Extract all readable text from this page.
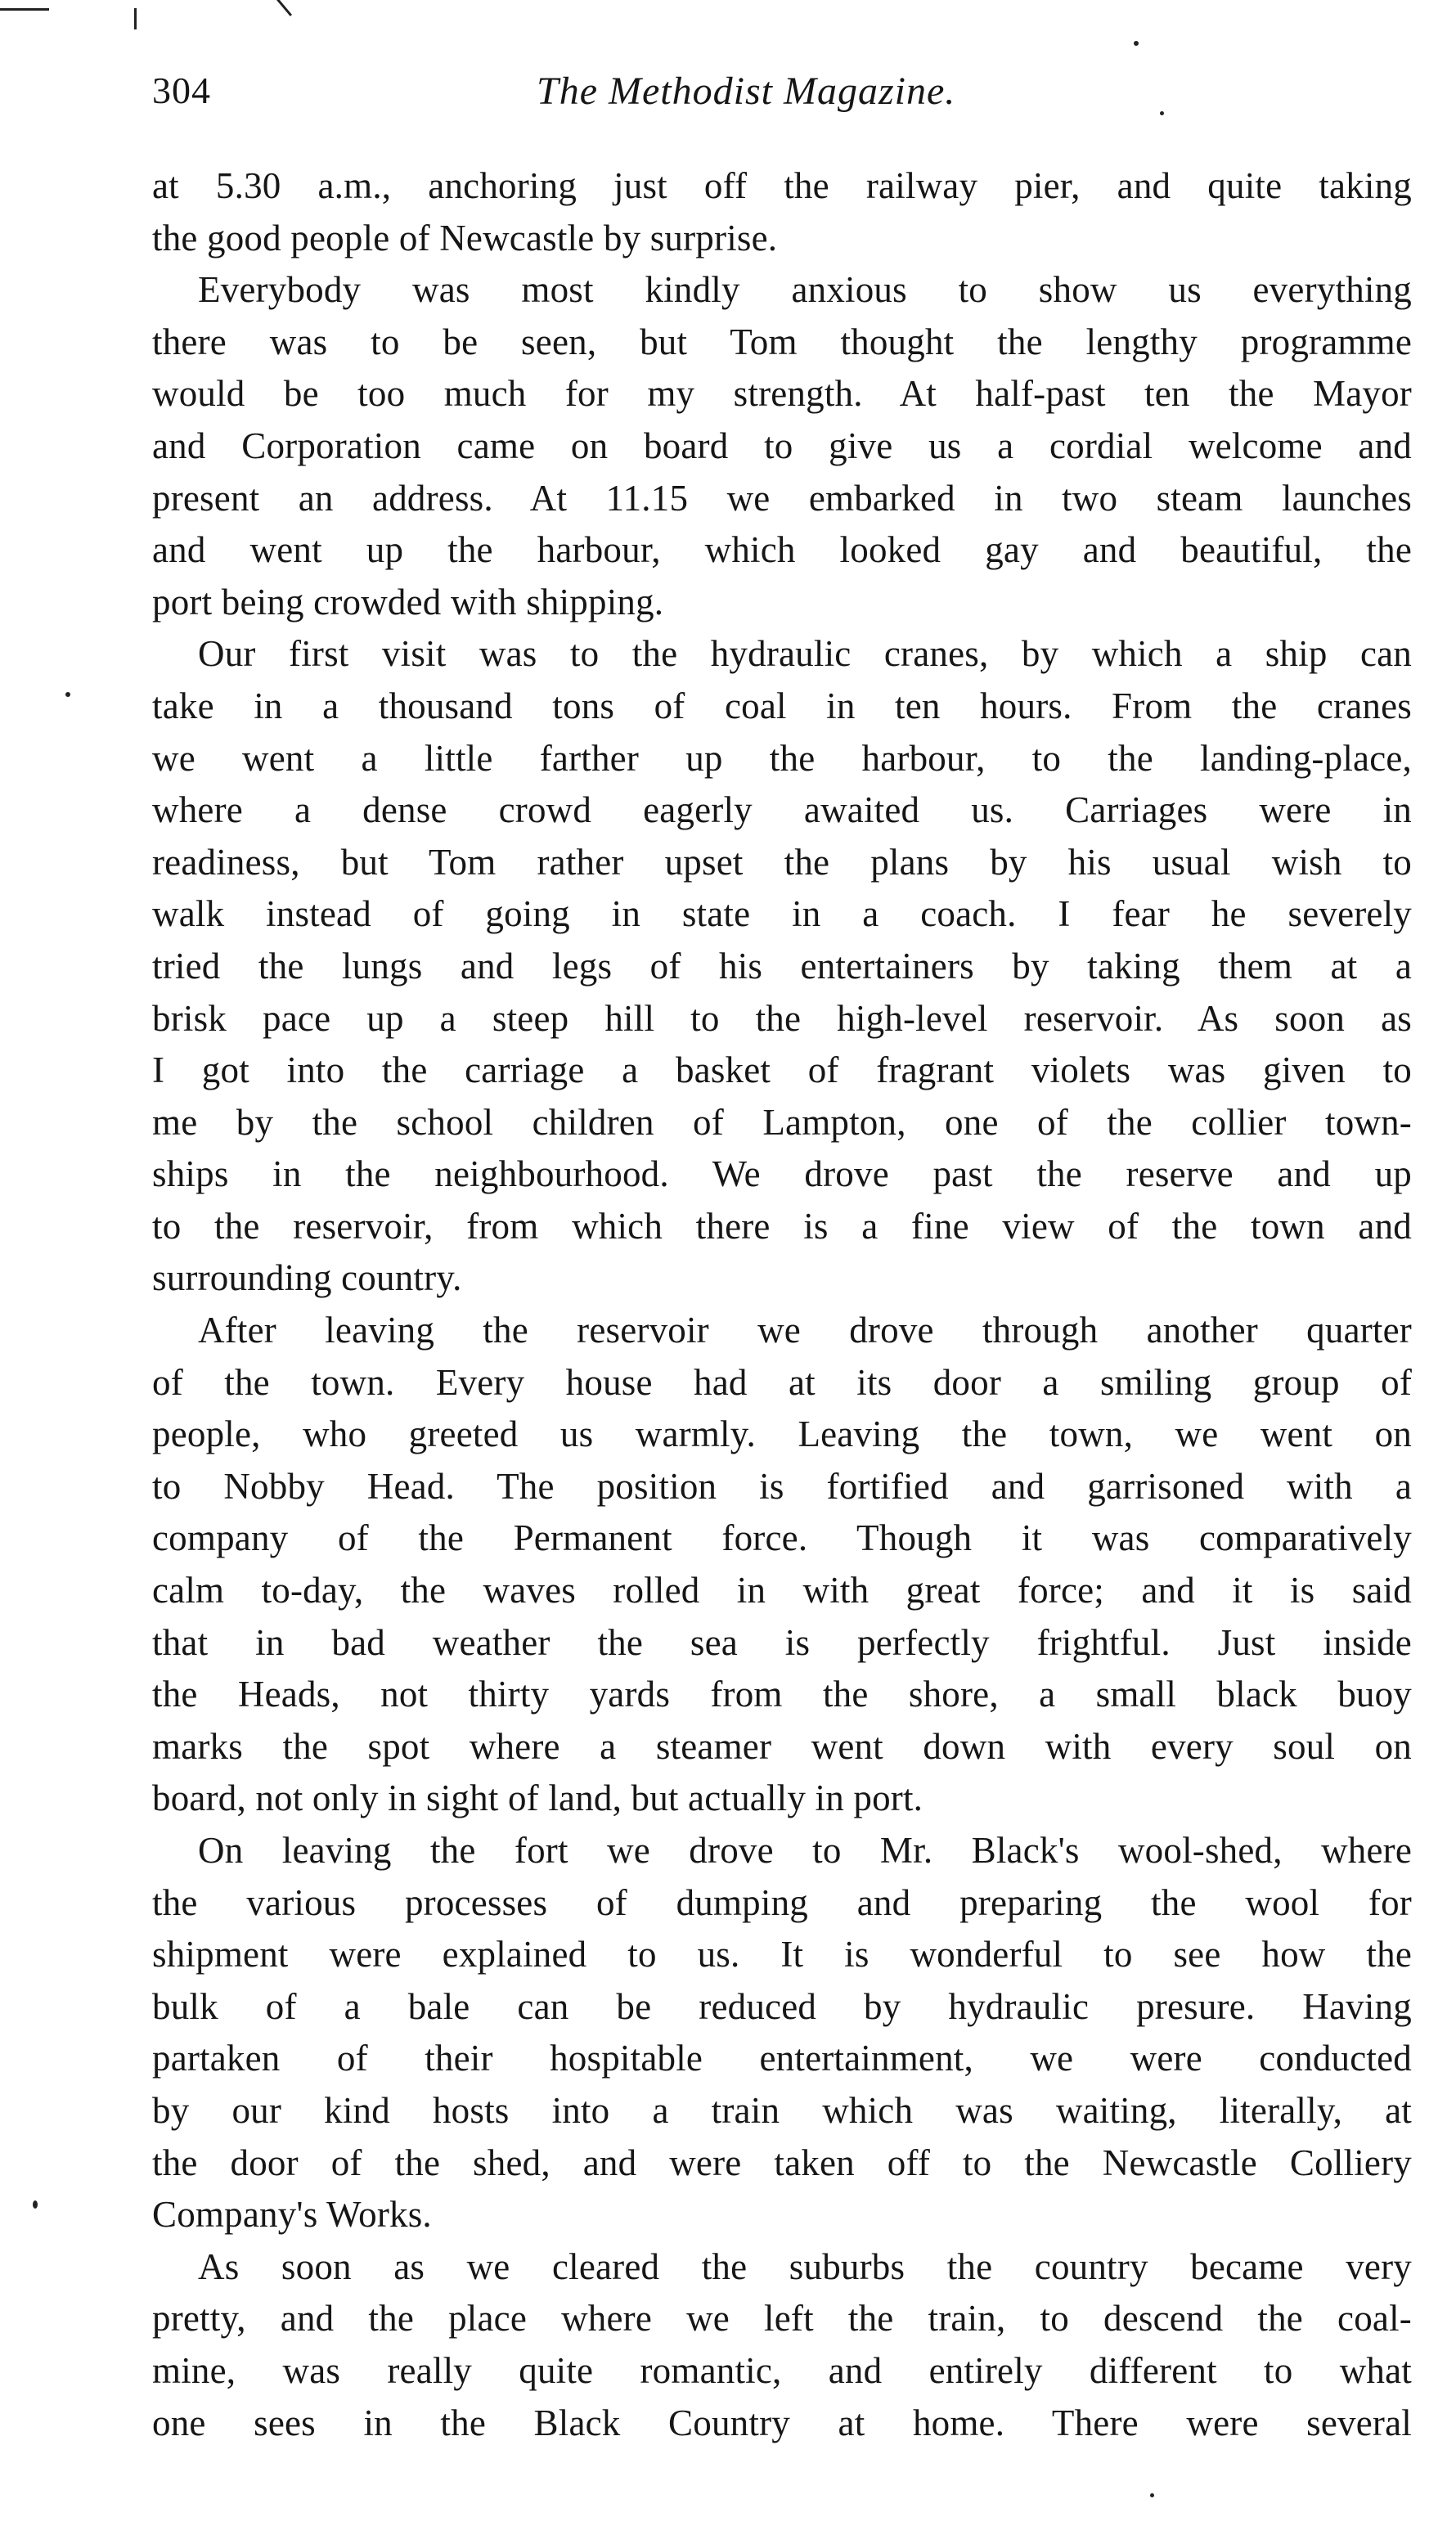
304	The Methodist Magazine.
at 5.30 a.m., anchoring just off the railway pier, and quite taking
the good people of Newcastle by surprise.
Everybody was most kindly anxious to show us everything
there was to be seen, but Tom thought the lengthy programme
would be too much for my strength. At half-past ten the Mayor
and Corporation came on board to give us a cordial welcome and
present an address. At 11.15 we embarked in two steam launches
and went up the harbour, which looked gay and beautiful, the
port being crowded with shipping.
Our first visit was to the hydraulic cranes, by which a ship can
take in a thousand tons of coal in ten hours. From the cranes
we went a little farther up the harbour, to the landing-place,
where a dense crowd eagerly awaited us. Carriages were in
readiness, but Tom rather upset the plans by his usual wish to
walk instead of going in state in a coach. I fear he severely
tried the lungs and legs of his entertainers by taking them at a
brisk pace up a steep hill to the high-level reservoir. As soon as
I got into the carriage a basket of fragrant violets was given to
me by the school children of Lampton, one of the collier town-
ships in the neighbourhood. We drove past the reserve and up
to the reservoir, from which there is a fine view of the town and
surrounding country.
After leaving the reservoir we drove through another quarter
of the town. Every house had at its door a smiling group of
people, who greeted us warmly. Leaving the town, we went on
to Nobby Head. The position is fortified and garrisoned with a
company of the Permanent force. Though it was comparatively
calm to-day, the waves rolled in with great force; and it is said
that in bad weather the sea is perfectly frightful. Just inside
the Heads, not thirty yards from the shore, a small black buoy
marks the spot where a steamer went down with every soul on
board, not only in sight of land, but actually in port.
On leaving the fort we drove to Mr. Black's wool-shed, where
the various processes of dumping and preparing the wool for
shipment were explained to us. It is wonderful to see how the
bulk of a bale can be reduced by hydraulic presure. Having
partaken of their hospitable entertainment, we were conducted
by our kind hosts into a train which was waiting, literally, at
the door of the shed, and were taken off to the Newcastle Colliery
Company's Works.
As soon as we cleared the suburbs the country became very
pretty, and the place where we left the train, to descend the coal-
mine, was really quite romantic, and entirely different to what
one sees in the Black Country at home. There were several
